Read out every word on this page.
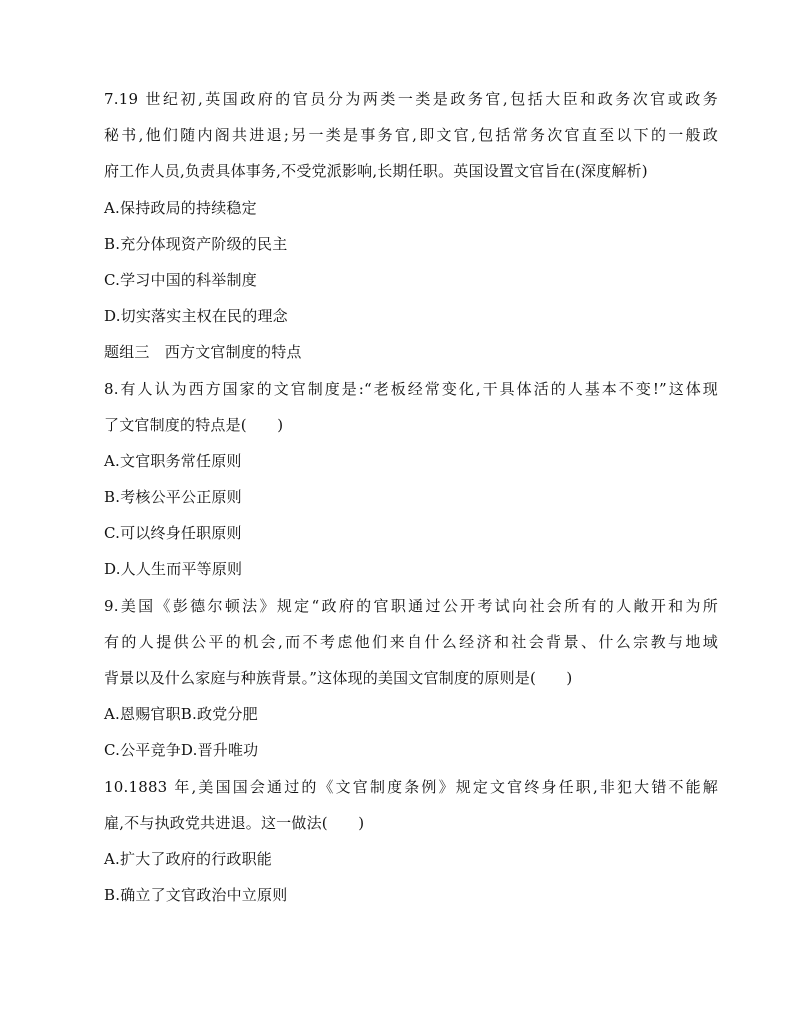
7.19 世纪初,英国政府的官员分为两类一类是政务官,包括大臣和政务次官或政务
秘书,他们随内阁共进退;另一类是事务官,即文官,包括常务次官直至以下的一般政
府工作人员,负责具体事务,不受党派影响,长期任职。英国设置文官旨在(深度解析)
A.保持政局的持续稳定
B.充分体现资产阶级的民主
C.学习中国的科举制度
D.切实落实主权在民的理念
题组三　西方文官制度的特点
8.有人认为西方国家的文官制度是:“老板经常变化,干具体活的人基本不变!”这体现
了文官制度的特点是(　　)
A.文官职务常任原则
B.考核公平公正原则
C.可以终身任职原则
D.人人生而平等原则
9.美国《彭德尔顿法》规定“政府的官职通过公开考试向社会所有的人敞开和为所
有的人提供公平的机会,而不考虑他们来自什么经济和社会背景、什么宗教与地域
背景以及什么家庭与种族背景。”这体现的美国文官制度的原则是(　　)
A.恩赐官职B.政党分肥
C.公平竞争D.晋升唯功
10.1883 年,美国国会通过的《文官制度条例》规定文官终身任职,非犯大错不能解
雇,不与执政党共进退。这一做法(　　)
A.扩大了政府的行政职能
B.确立了文官政治中立原则
